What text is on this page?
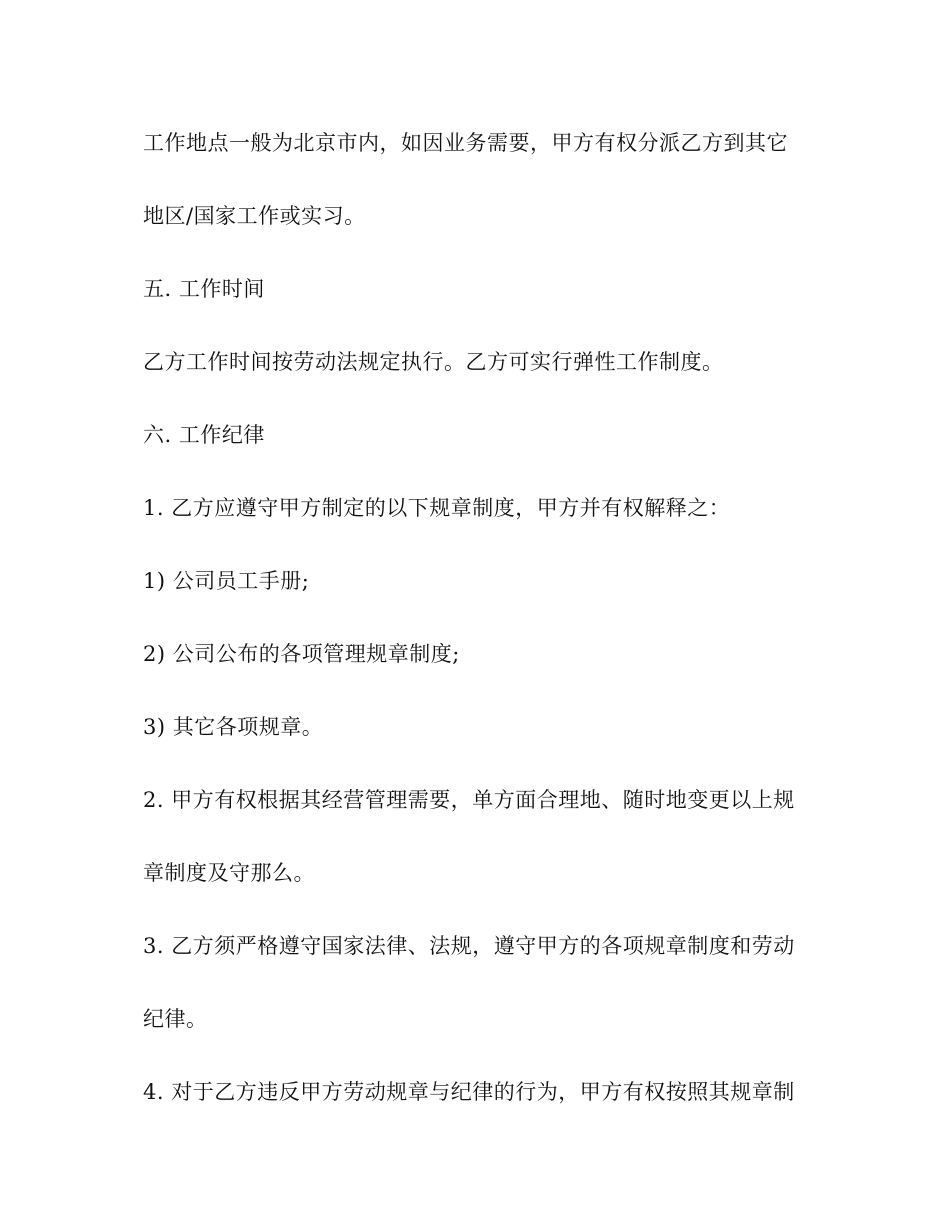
工作地点一般为北京市内，如因业务需要，甲方有权分派乙方到其它
地区/国家工作或实习。
五. 工作时间
乙方工作时间按劳动法规定执行。乙方可实行弹性工作制度。
六. 工作纪律
1. 乙方应遵守甲方制定的以下规章制度，甲方并有权解释之：
1) 公司员工手册;
2) 公司公布的各项管理规章制度;
3) 其它各项规章。
2. 甲方有权根据其经营管理需要，单方面合理地、随时地变更以上规
章制度及守那么。
3. 乙方须严格遵守国家法律、法规，遵守甲方的各项规章制度和劳动
纪律。
4. 对于乙方违反甲方劳动规章与纪律的行为，甲方有权按照其规章制
